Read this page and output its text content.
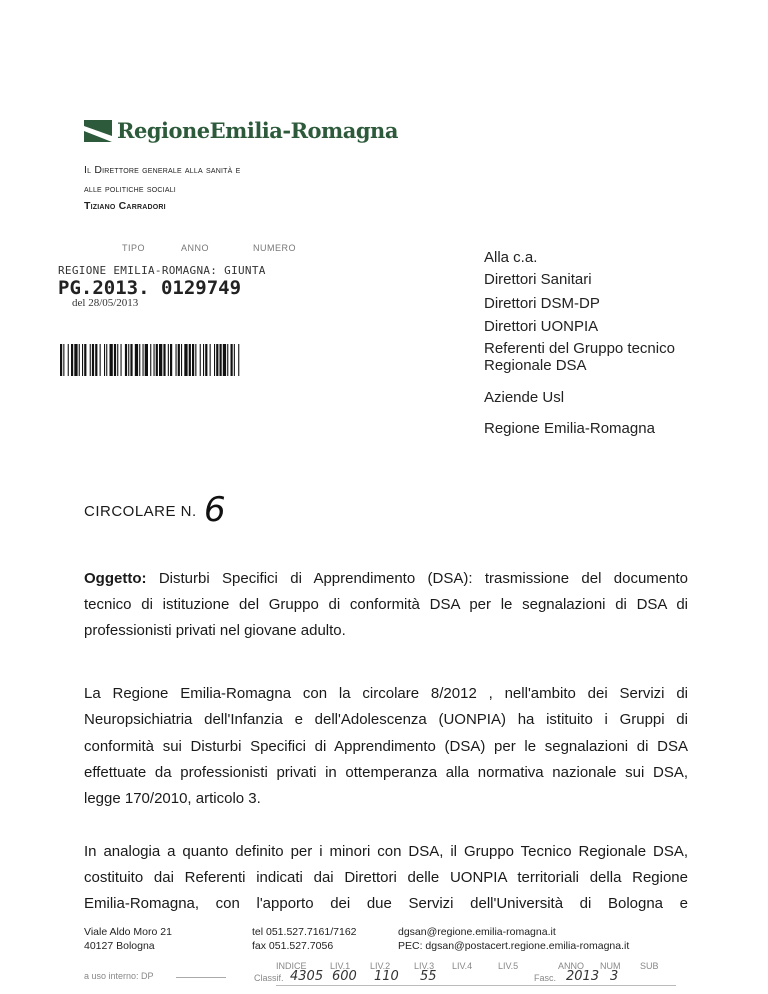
RegioneEmilia-Romagna
Il Direttore generale alla sanità e
alle politiche sociali
Tiziano Carradori
TIPO	ANNO	NUMERO
REGIONE EMILIA-ROMAGNA: GIUNTA
PG.2013. 0129749
del 28/05/2013
Alla c.a.
Direttori Sanitari
Direttori DSM-DP
Direttori UONPIA
Referenti del Gruppo tecnico
Regionale DSA
Aziende Usl
Regione Emilia-Romagna
CIRCOLARE N. 6
Oggetto: Disturbi Specifici di Apprendimento (DSA): trasmissione del documento
tecnico di istituzione del Gruppo di conformità DSA per le segnalazioni di DSA di
professionisti privati nel giovane adulto.
La Regione Emilia-Romagna con la circolare 8/2012 , nell'ambito dei Servizi di
Neuropsichiatria dell'Infanzia e dell'Adolescenza (UONPIA) ha istituito i Gruppi di
conformità sui Disturbi Specifici di Apprendimento (DSA) per le segnalazioni di DSA
effettuate da professionisti privati in ottemperanza alla normativa nazionale sui DSA,
legge 170/2010, articolo 3.
In analogia a quanto definito per i minori con DSA, il Gruppo Tecnico Regionale DSA,
costituito dai Referenti indicati dai Direttori delle UONPIA territoriali della Regione
Emilia-Romagna, con l'apporto dei due Servizi dell'Università di Bologna e
Viale Aldo Moro 21
40127 Bologna
tel 051.527.7161/7162
fax 051.527.7056
dgsan@regione.emilia-romagna.it
PEC: dgsan@postacert.regione.emilia-romagna.it
a uso interno: DP
INDICE	LIV.1 LIV.2	LIV.3 LIV.4	LIV.5	ANNO NUM SUB
Classif. 4305 600 110 55	Fasc. 2013 3
